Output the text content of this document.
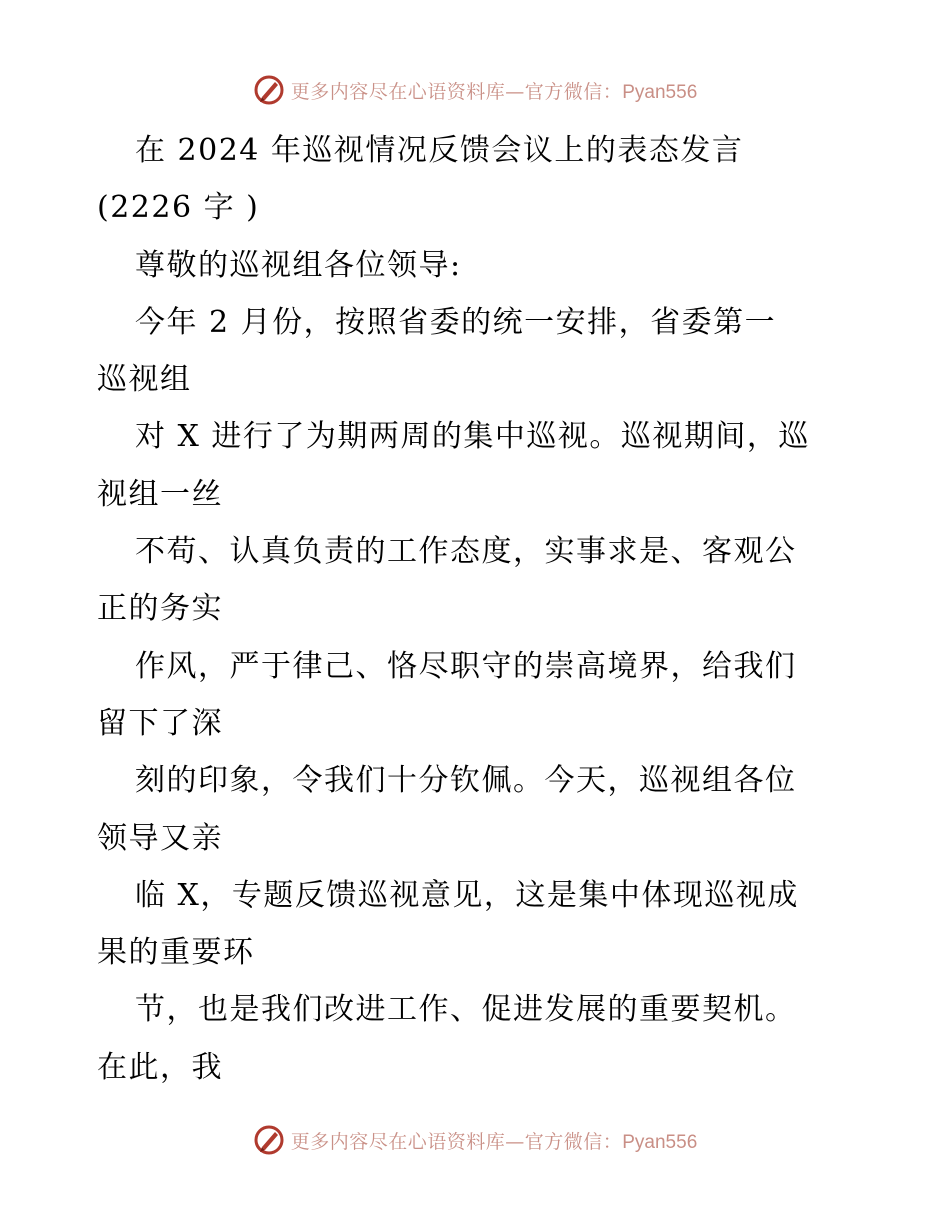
更多内容尽在心语资料库—官方微信：Pyan556
在 2024 年巡视情况反馈会议上的表态发言
(2226 字 )
尊敬的巡视组各位领导:
今年 2 月份，按照省委的统一安排，省委第一
巡视组
对 X 进行了为期两周的集中巡视。巡视期间，巡
视组一丝
不苟、认真负责的工作态度，实事求是、客观公
正的务实
作风，严于律己、恪尽职守的崇高境界，给我们
留下了深
刻的印象，令我们十分钦佩。今天，巡视组各位
领导又亲
临 X，专题反馈巡视意见，这是集中体现巡视成
果的重要环
节，也是我们改进工作、促进发展的重要契机。
在此，我
更多内容尽在心语资料库—官方微信：Pyan556
